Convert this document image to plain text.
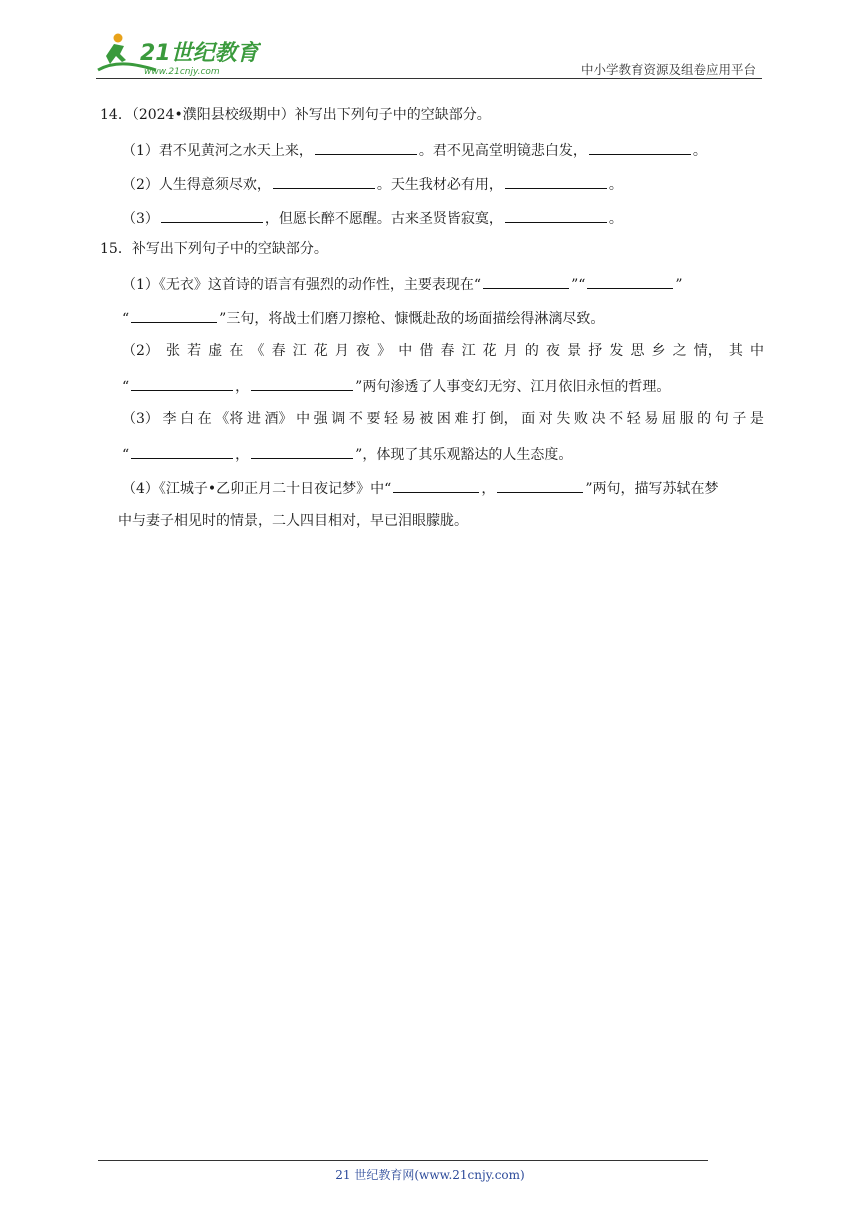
21世纪教育
www.21cnjy.com	中小学教育资源及组卷应用平台
14．（2024•濮阳县校级期中）补写出下列句子中的空缺部分。
（1）君不见黄河之水天上来，	。君不见高堂明镜悲白发，	。
（2）人生得意须尽欢，	。天生我材必有用，	。
（3）	，但愿长醉不愿醒。古来圣贤皆寂寞，	。
15．补写出下列句子中的空缺部分。
（1）《无衣》这首诗的语言有强烈的动作性，主要表现在“	”“	”
“	”三句，将战士们磨刀擦枪、慷慨赴敌的场面描绘得淋漓尽致。
（2） 张 若 虚 在 《 春 江 花 月 夜 》 中 借 春 江 花 月 的 夜 景 抒 发 思 乡 之 情， 其 中
“	，	”两句渗透了人事变幻无穷、江月依旧永恒的哲理。
（3） 李 白 在 《将 进 酒》 中 强 调 不 要 轻 易 被 困 难 打 倒， 面 对 失 败 决 不 轻 易 屈 服 的 句 子 是
“	，	”，体现了其乐观豁达的人生态度。
（4）《江城子•乙卯正月二十日夜记梦》中“	，	”两句，描写苏轼在梦
中与妻子相见时的情景，二人四目相对，早已泪眼朦胧。
21 世纪教育网(www.21cnjy.com)
